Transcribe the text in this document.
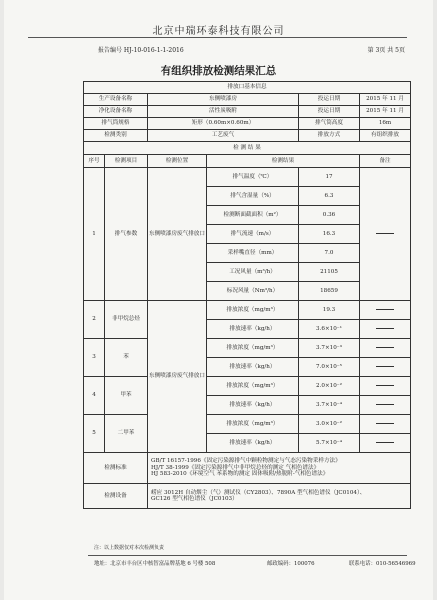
北京中瑞环泰科技有限公司
报告编号 HJ-10-016-1-1-2016	第 3页 共 5页
有组织排放检测结果汇总
排放口基本信息					
生产设备名称		东侧喷漆房		投运日期	2015 年 11 月
净化设备名称		活性炭吸附		投运日期	2015 年 11 月
排气筒规格		矩形（0.60m×0.60m）		排气筒高度	16m
检测类别		工艺废气		排放方式	有组织排放
检 测 结 果					
序号	检测项目	检测位置	检测结果		备注
1	排气参数	东侧喷漆房废气排放口	排气温度（℃）	17	
			排气含湿量（%）	6.3	
			检测断面截面积（m²）	0.36	
			排气流速（m/s）	16.3	
			采样嘴直径（mm）	7.0	
			工况风量（m³/h）	21105	
			标况风量（Nm³/h）	18659	
2	非甲烷总烃	东侧喷漆房废气排放口	排放浓度（mg/m³）	19.3	
			排放速率（kg/h）	3.6×10⁻¹	
3	苯		排放浓度（mg/m³）	3.7×10⁻³	
			排放速率（kg/h）	7.0×10⁻⁵	
4	甲苯		排放浓度（mg/m³）	2.0×10⁻²	
			排放速率（kg/h）	3.7×10⁻⁴	
5	二甲苯		排放浓度（mg/m³）	3.0×10⁻²	
			排放速率（kg/h）	5.7×10⁻⁴	
检测标准		GB/T 16157-1996《固定污染源排气中颗粒物测定与气态污染物采样方法》
HJ/T 38-1999《固定污染源排气中非甲烷总烃的测定 气相色谱法》
HJ 583-2010《环境空气 苯系物的测定 固体吸附/热脱附-气相色谱法》			

检测设备		崂应 3012H 自动烟尘（气）测试仪（CY2803）、7890A 型气相色谱仪（JC0104）、
GC126 型气相色谱仪（JC0103）			
注：以上数据仅对本次检测负责
地址：北京市丰台区中核智富品牌基地 6 号楼 508	邮政编码：100076	联系电话：010-56546969
